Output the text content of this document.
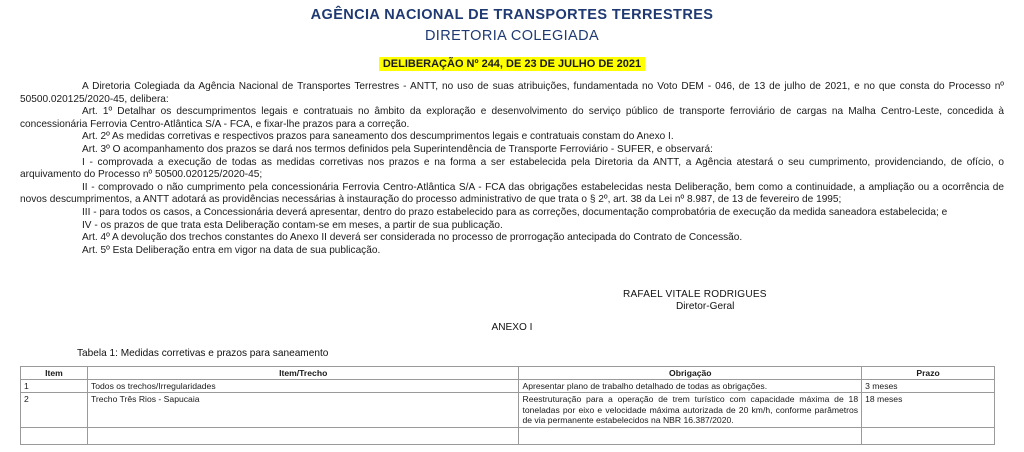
AGÊNCIA NACIONAL DE TRANSPORTES TERRESTRES
DIRETORIA COLEGIADA
DELIBERAÇÃO Nº 244, DE 23 DE JULHO DE 2021

A Diretoria Colegiada da Agência Nacional de Transportes Terrestres - ANTT, no uso de suas atribuições, fundamentada no Voto DEM - 046, de 13 de julho de 2021, e no que consta do Processo nº 50500.020125/2020-45, delibera:

Art. 1º Detalhar os descumprimentos legais e contratuais no âmbito da exploração e desenvolvimento do serviço público de transporte ferroviário de cargas na Malha Centro-Leste, concedida à concessionária Ferrovia Centro-Atlântica S/A - FCA, e fixar-lhe prazos para a correção.

Art. 2º As medidas corretivas e respectivos prazos para saneamento dos descumprimentos legais e contratuais constam do Anexo I.

Art. 3º O acompanhamento dos prazos se dará nos termos definidos pela Superintendência de Transporte Ferroviário - SUFER, e observará:

I - comprovada a execução de todas as medidas corretivas nos prazos e na forma a ser estabelecida pela Diretoria da ANTT, a Agência atestará o seu cumprimento, providenciando, de ofício, o arquivamento do Processo nº 50500.020125/2020-45;

II - comprovado o não cumprimento pela concessionária Ferrovia Centro-Atlântica S/A - FCA das obrigações estabelecidas nesta Deliberação, bem como a continuidade, a ampliação ou a ocorrência de novos descumprimentos, a ANTT adotará as providências necessárias à instauração do processo administrativo de que trata o § 2º, art. 38 da Lei nº 8.987, de 13 de fevereiro de 1995;

III - para todos os casos, a Concessionária deverá apresentar, dentro do prazo estabelecido para as correções, documentação comprobatória de execução da medida saneadora estabelecida; e

IV - os prazos de que trata esta Deliberação contam-se em meses, a partir de sua publicação.

Art. 4º A devolução dos trechos constantes do Anexo II deverá ser considerada no processo de prorrogação antecipada do Contrato de Concessão.

Art. 5º Esta Deliberação entra em vigor na data de sua publicação.

RAFAEL VITALE RODRIGUES
Diretor-Geral
ANEXO I
Tabela 1: Medidas corretivas e prazos para saneamento
Item	Item/Trecho	Obrigação	Prazo
1	Todos os trechos/Irregularidades	Apresentar plano de trabalho detalhado de todas as obrigações.	3 meses
2	Trecho Três Rios - Sapucaia	Reestruturação para a operação de trem turístico com capacidade máxima de 18 toneladas por eixo e velocidade máxima autorizada de 20 km/h, conforme parâmetros de via permanente estabelecidos na NBR 16.387/2020.	18 meses
